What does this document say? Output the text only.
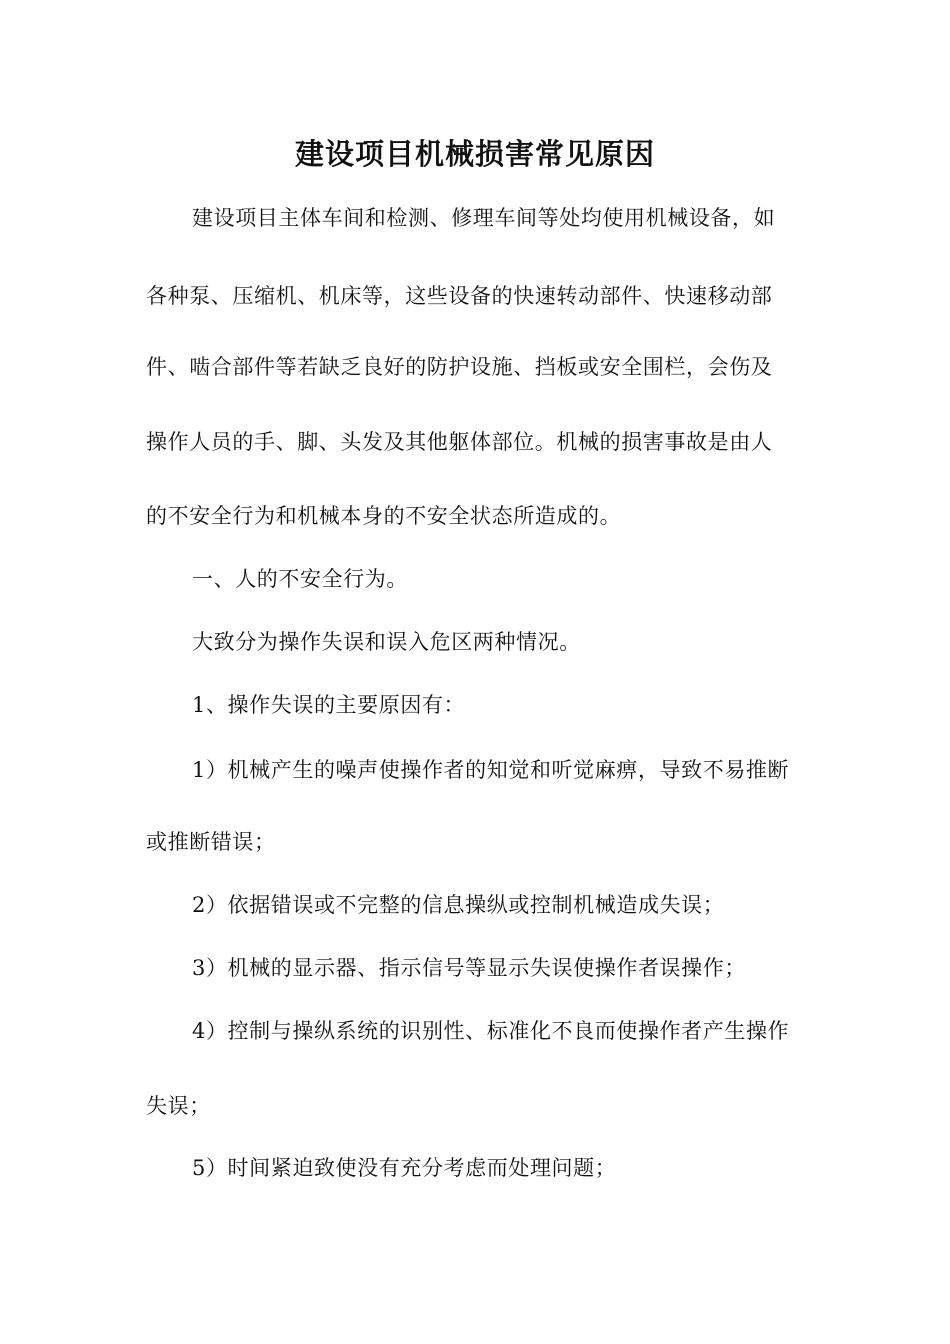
建设项目机械损害常见原因
建设项目主体车间和检测、修理车间等处均使用机械设备，如
各种泵、压缩机、机床等，这些设备的快速转动部件、快速移动部
件、啮合部件等若缺乏良好的防护设施、挡板或安全围栏，会伤及
操作人员的手、脚、头发及其他躯体部位。机械的损害事故是由人
的不安全行为和机械本身的不安全状态所造成的。
一、人的不安全行为。
大致分为操作失误和误入危区两种情况。
1、操作失误的主要原因有：
1）机械产生的噪声使操作者的知觉和听觉麻痹，导致不易推断
或推断错误；
2）依据错误或不完整的信息操纵或控制机械造成失误；
3）机械的显示器、指示信号等显示失误使操作者误操作；
4）控制与操纵系统的识别性、标准化不良而使操作者产生操作
失误；
5）时间紧迫致使没有充分考虑而处理问题；
